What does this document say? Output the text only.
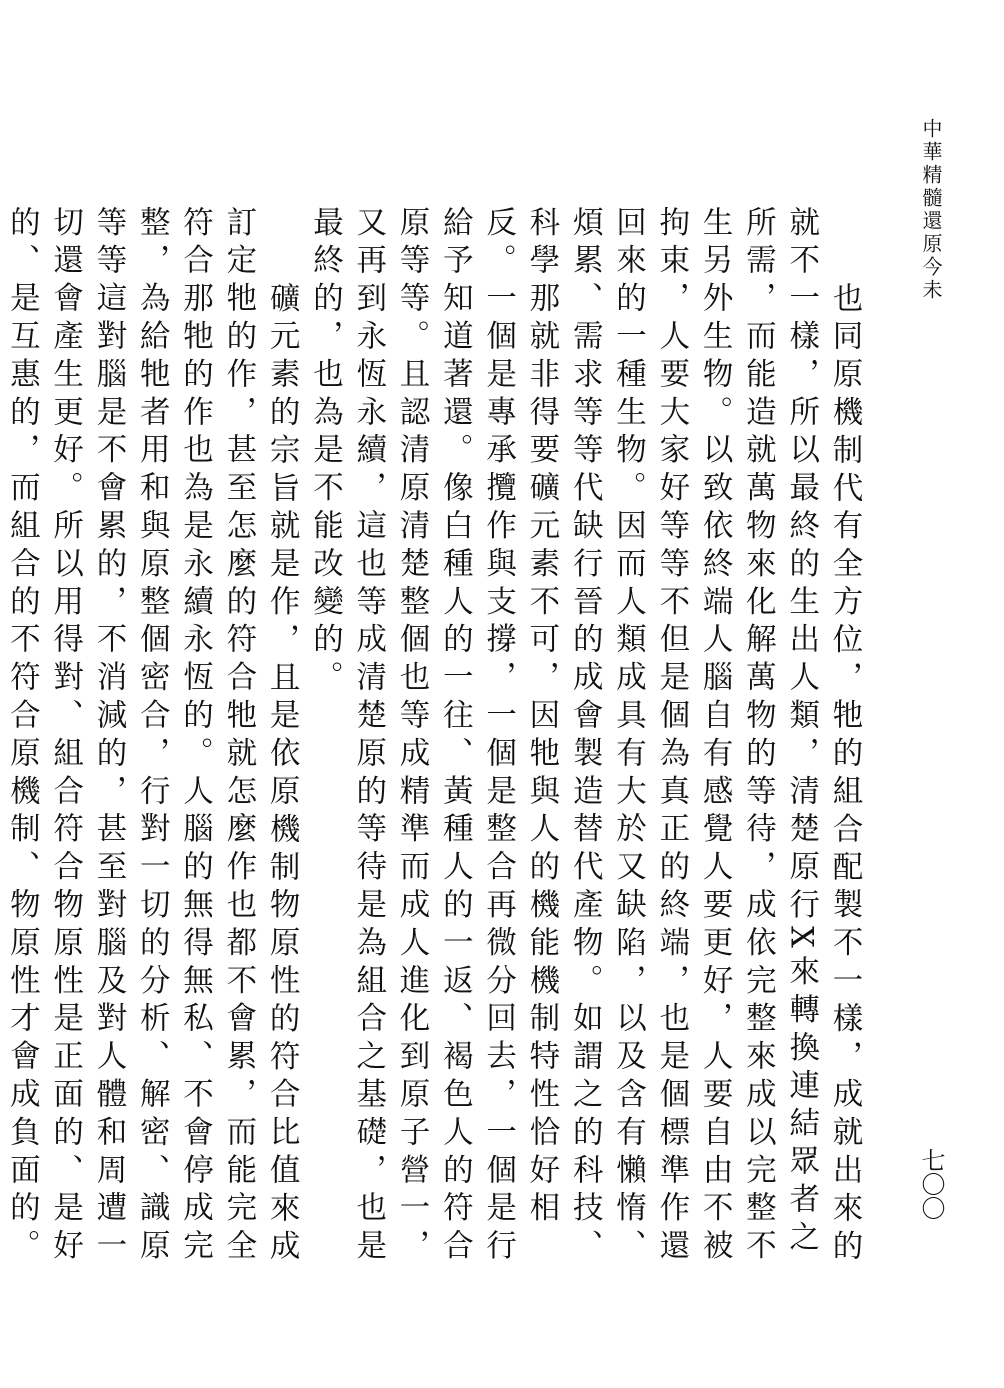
中華精髓還原今未

也同原機制代有全方位，牠的組合配製不一樣，成就出來的就不一樣，所以最終的生出人類，清楚原行X來轉換連結眾者之所需，而能造就萬物來化解萬物的等待，成依完整來成以完整不生另外生物。以致依終端人腦自有感覺人要更好，人要自由不被拘束，人要大家好等等不但是個為真正的終端，也是個標準作還回來的一種生物。因而人類成具有大於又缺陷，以及含有懶惰、煩累、需求等等代缺行晉的成會製造替代產物。如謂之的科技、科學那就非得要礦元素不可，因牠與人的機能機制特性恰好相反。一個是專承攬作與支撐，一個是整合再微分回去，一個是行給予知道著還。像白種人的一往、黃種人的一返、褐色人的符合原等等。且認清原清楚整個也等成精準而成人進化到原子營一，又再到永恆永續，這也等成清楚原的等待是為組合之基礎，也是最終的，也為是不能改變的。

礦元素的宗旨就是作，且是依原機制物原性的符合比值來成訂定牠的作，甚至怎麼的符合牠就怎麼作也都不會累，而能完全符合那牠的作也為是永續永恆的。人腦的無得無私、不會停成完整，為給牠者用和與原整個密合，行對一切的分析、解密、識原等等這對腦是不會累的，不消減的，甚至對腦及對人體和周遭一切還會產生更好。所以用得對、組合符合物原性是正面的、是好的、是互惠的，而組合的不符合原機制、物原性才會成負面的。

七〇〇
